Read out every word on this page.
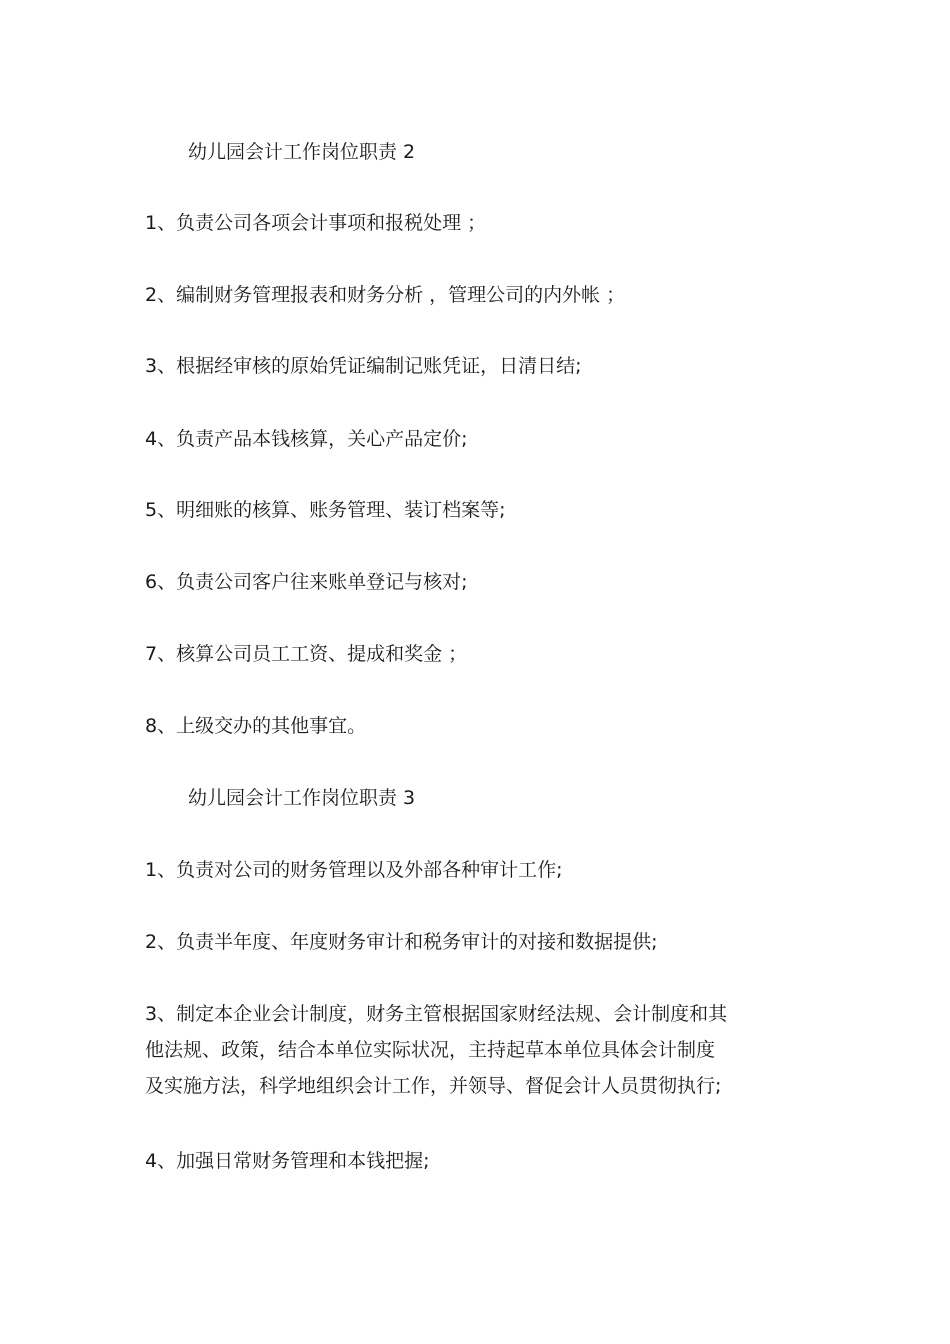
幼儿园会计工作岗位职责 2
1、负责公司各项会计事项和报税处理 ；
2、编制财务管理报表和财务分析 ，管理公司的内外帐 ；
3、根据经审核的原始凭证编制记账凭证，日清日结;
4、负责产品本钱核算，关心产品定价;
5、明细账的核算、账务管理、装订档案等;
6、负责公司客户往来账单登记与核对;
7、核算公司员工工资、提成和奖金 ；
8、上级交办的其他事宜。
幼儿园会计工作岗位职责 3
1、负责对公司的财务管理以及外部各种审计工作;
2、负责半年度、年度财务审计和税务审计的对接和数据提供;
3、制定本企业会计制度，财务主管根据国家财经法规、会计制度和其
他法规、政策，结合本单位实际状况，主持起草本单位具体会计制度
及实施方法，科学地组织会计工作，并领导、督促会计人员贯彻执行;
4、加强日常财务管理和本钱把握;
